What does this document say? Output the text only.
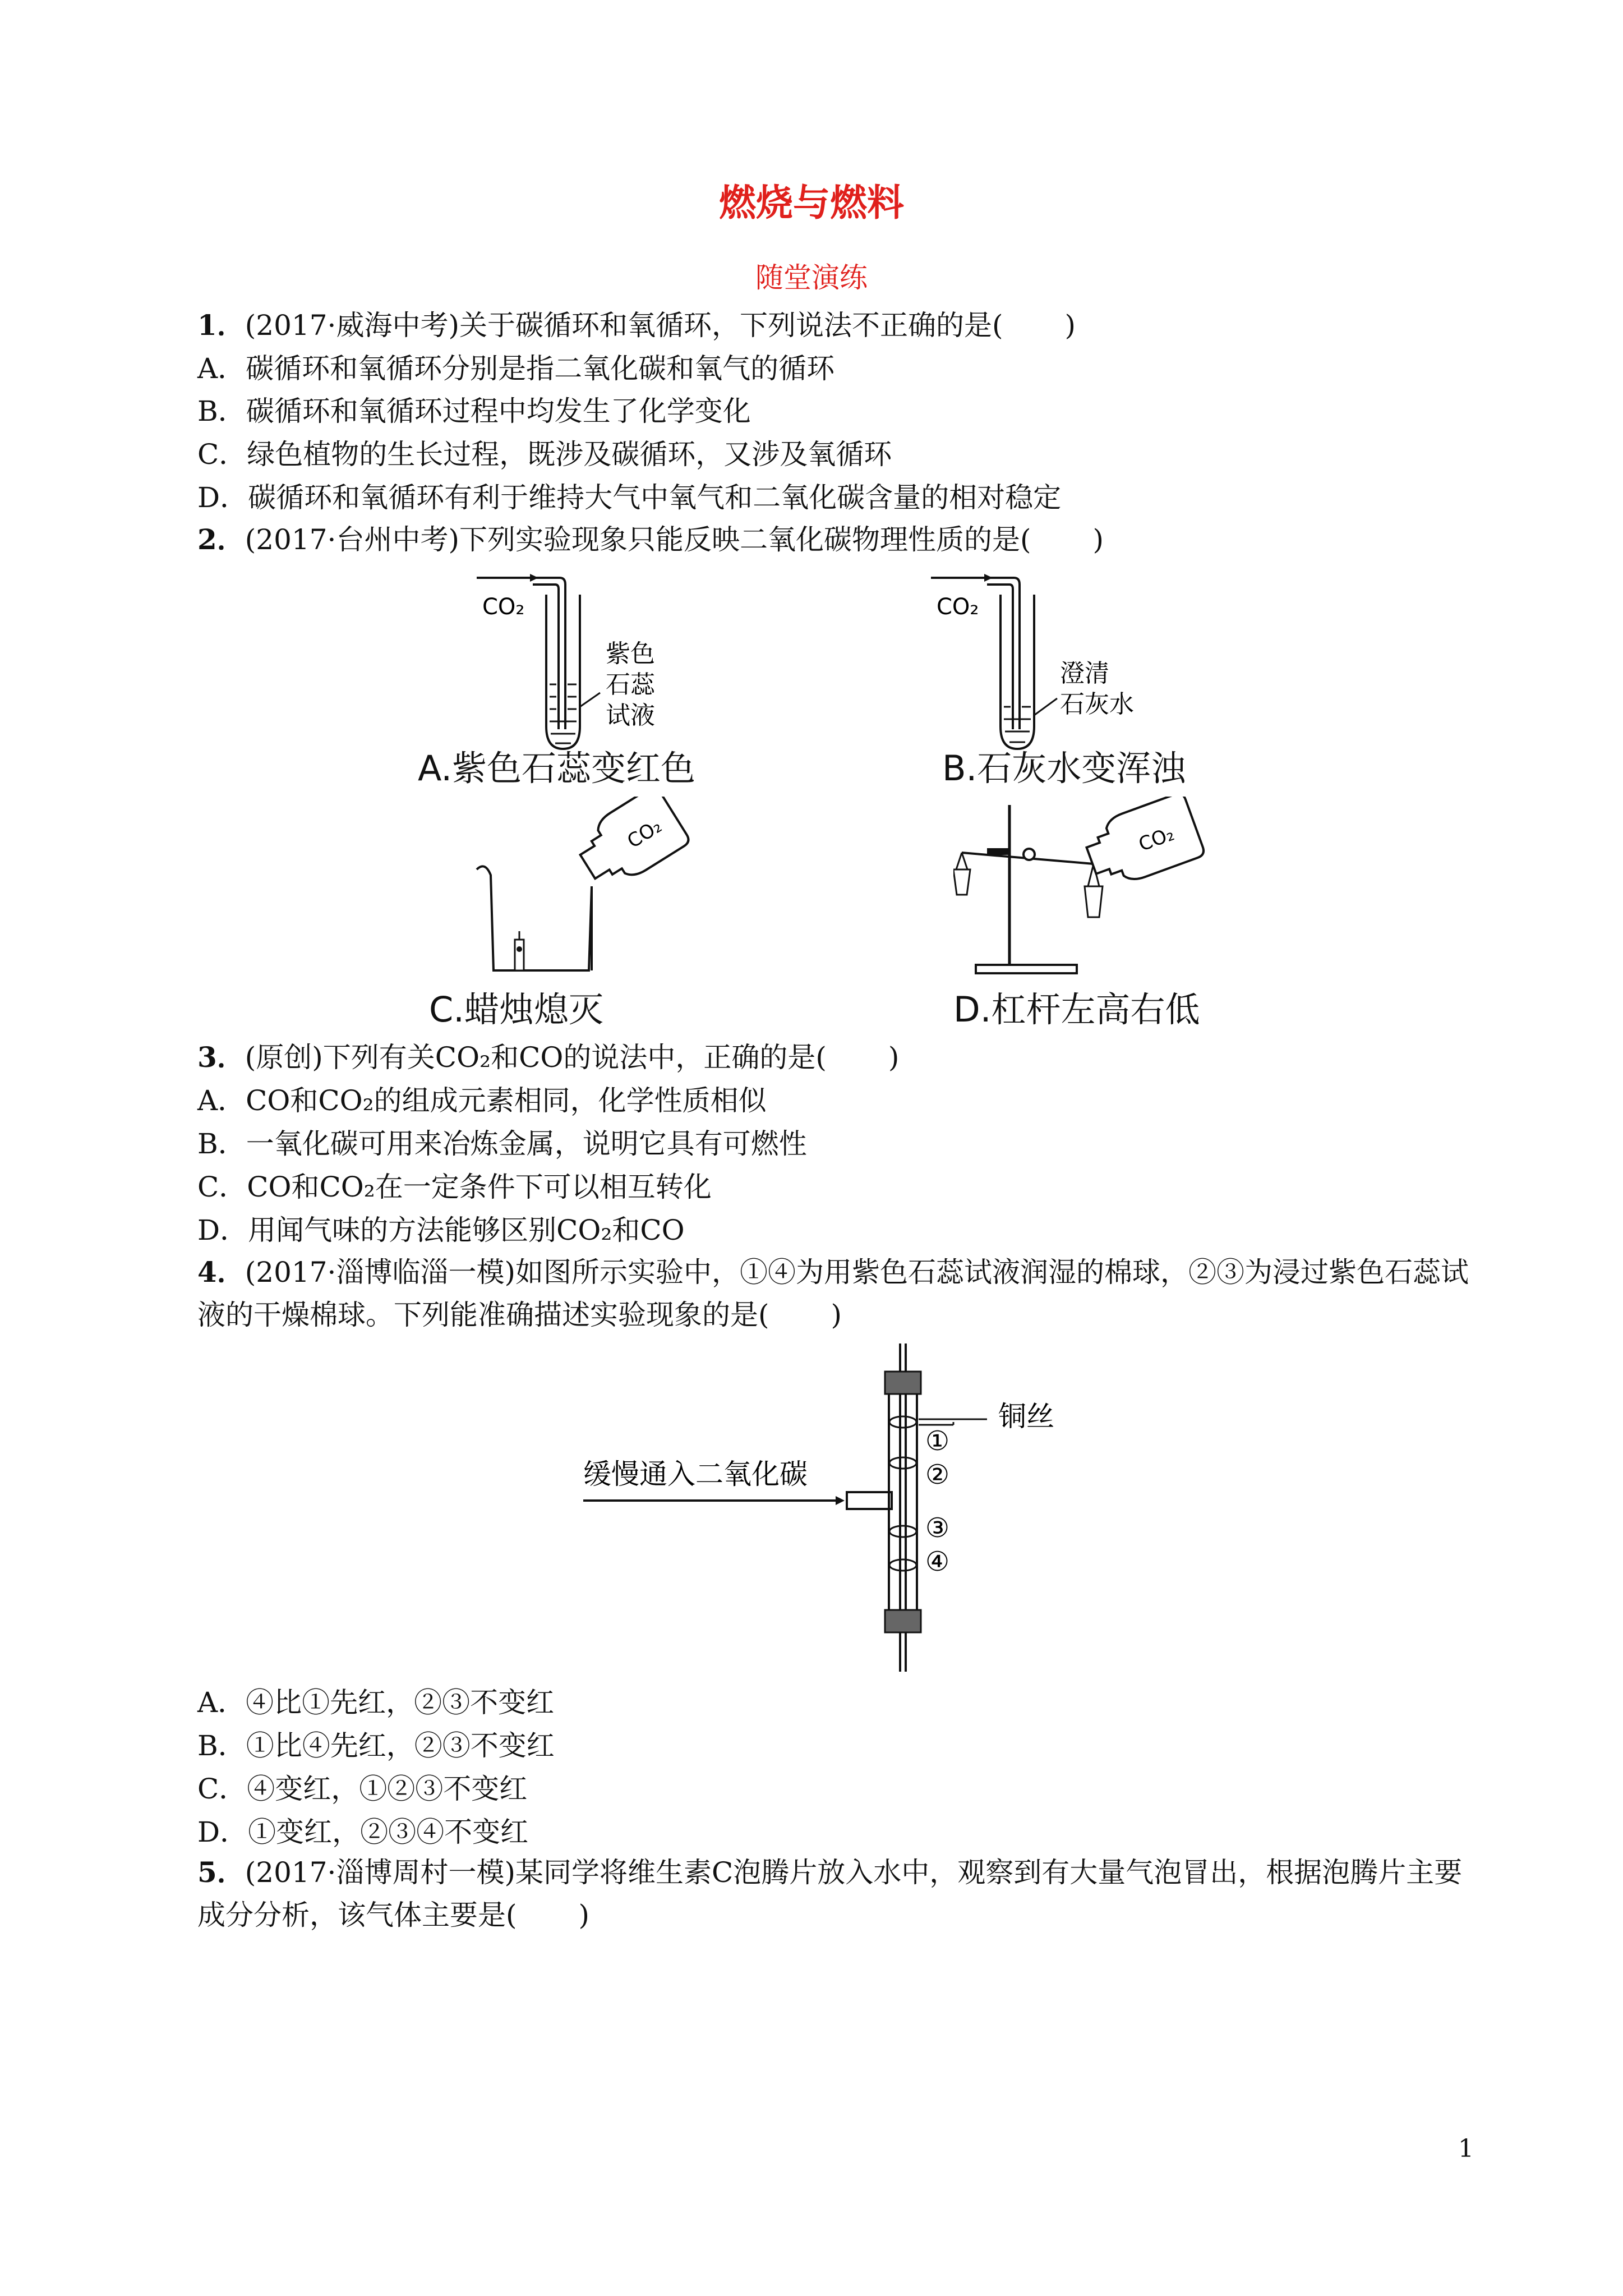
燃烧与燃料
随堂演练
1．(2017·威海中考)关于碳循环和氧循环，下列说法不正确的是( )
A．碳循环和氧循环分别是指二氧化碳和氧气的循环
B．碳循环和氧循环过程中均发生了化学变化
C．绿色植物的生长过程，既涉及碳循环，又涉及氧循环
D．碳循环和氧循环有利于维持大气中氧气和二氧化碳含量的相对稳定
2．(2017·台州中考)下列实验现象只能反映二氧化碳物理性质的是( )
CO₂
紫色
石蕊
试液
A.紫色石蕊变红色
CO₂
澄清
石灰水
B.石灰水变浑浊
CO₂
C.蜡烛熄灭
CO₂
D.杠杆左高右低
3．(原创)下列有关CO₂和CO的说法中，正确的是( )
A．CO和CO₂的组成元素相同，化学性质相似
B．一氧化碳可用来冶炼金属，说明它具有可燃性
C．CO和CO₂在一定条件下可以相互转化
D．用闻气味的方法能够区别CO₂和CO
4．(2017·淄博临淄一模)如图所示实验中，①④为用紫色石蕊试液润湿的棉球，②③为浸过紫色石蕊试液的干燥棉球。下列能准确描述实验现象的是( )
缓慢通入二氧化碳
铜丝
①
②
③
④
A．④比①先红，②③不变红
B．①比④先红，②③不变红
C．④变红，①②③不变红
D．①变红，②③④不变红
5．(2017·淄博周村一模)某同学将维生素C泡腾片放入水中，观察到有大量气泡冒出，根据泡腾片主要成分分析，该气体主要是( )
1
